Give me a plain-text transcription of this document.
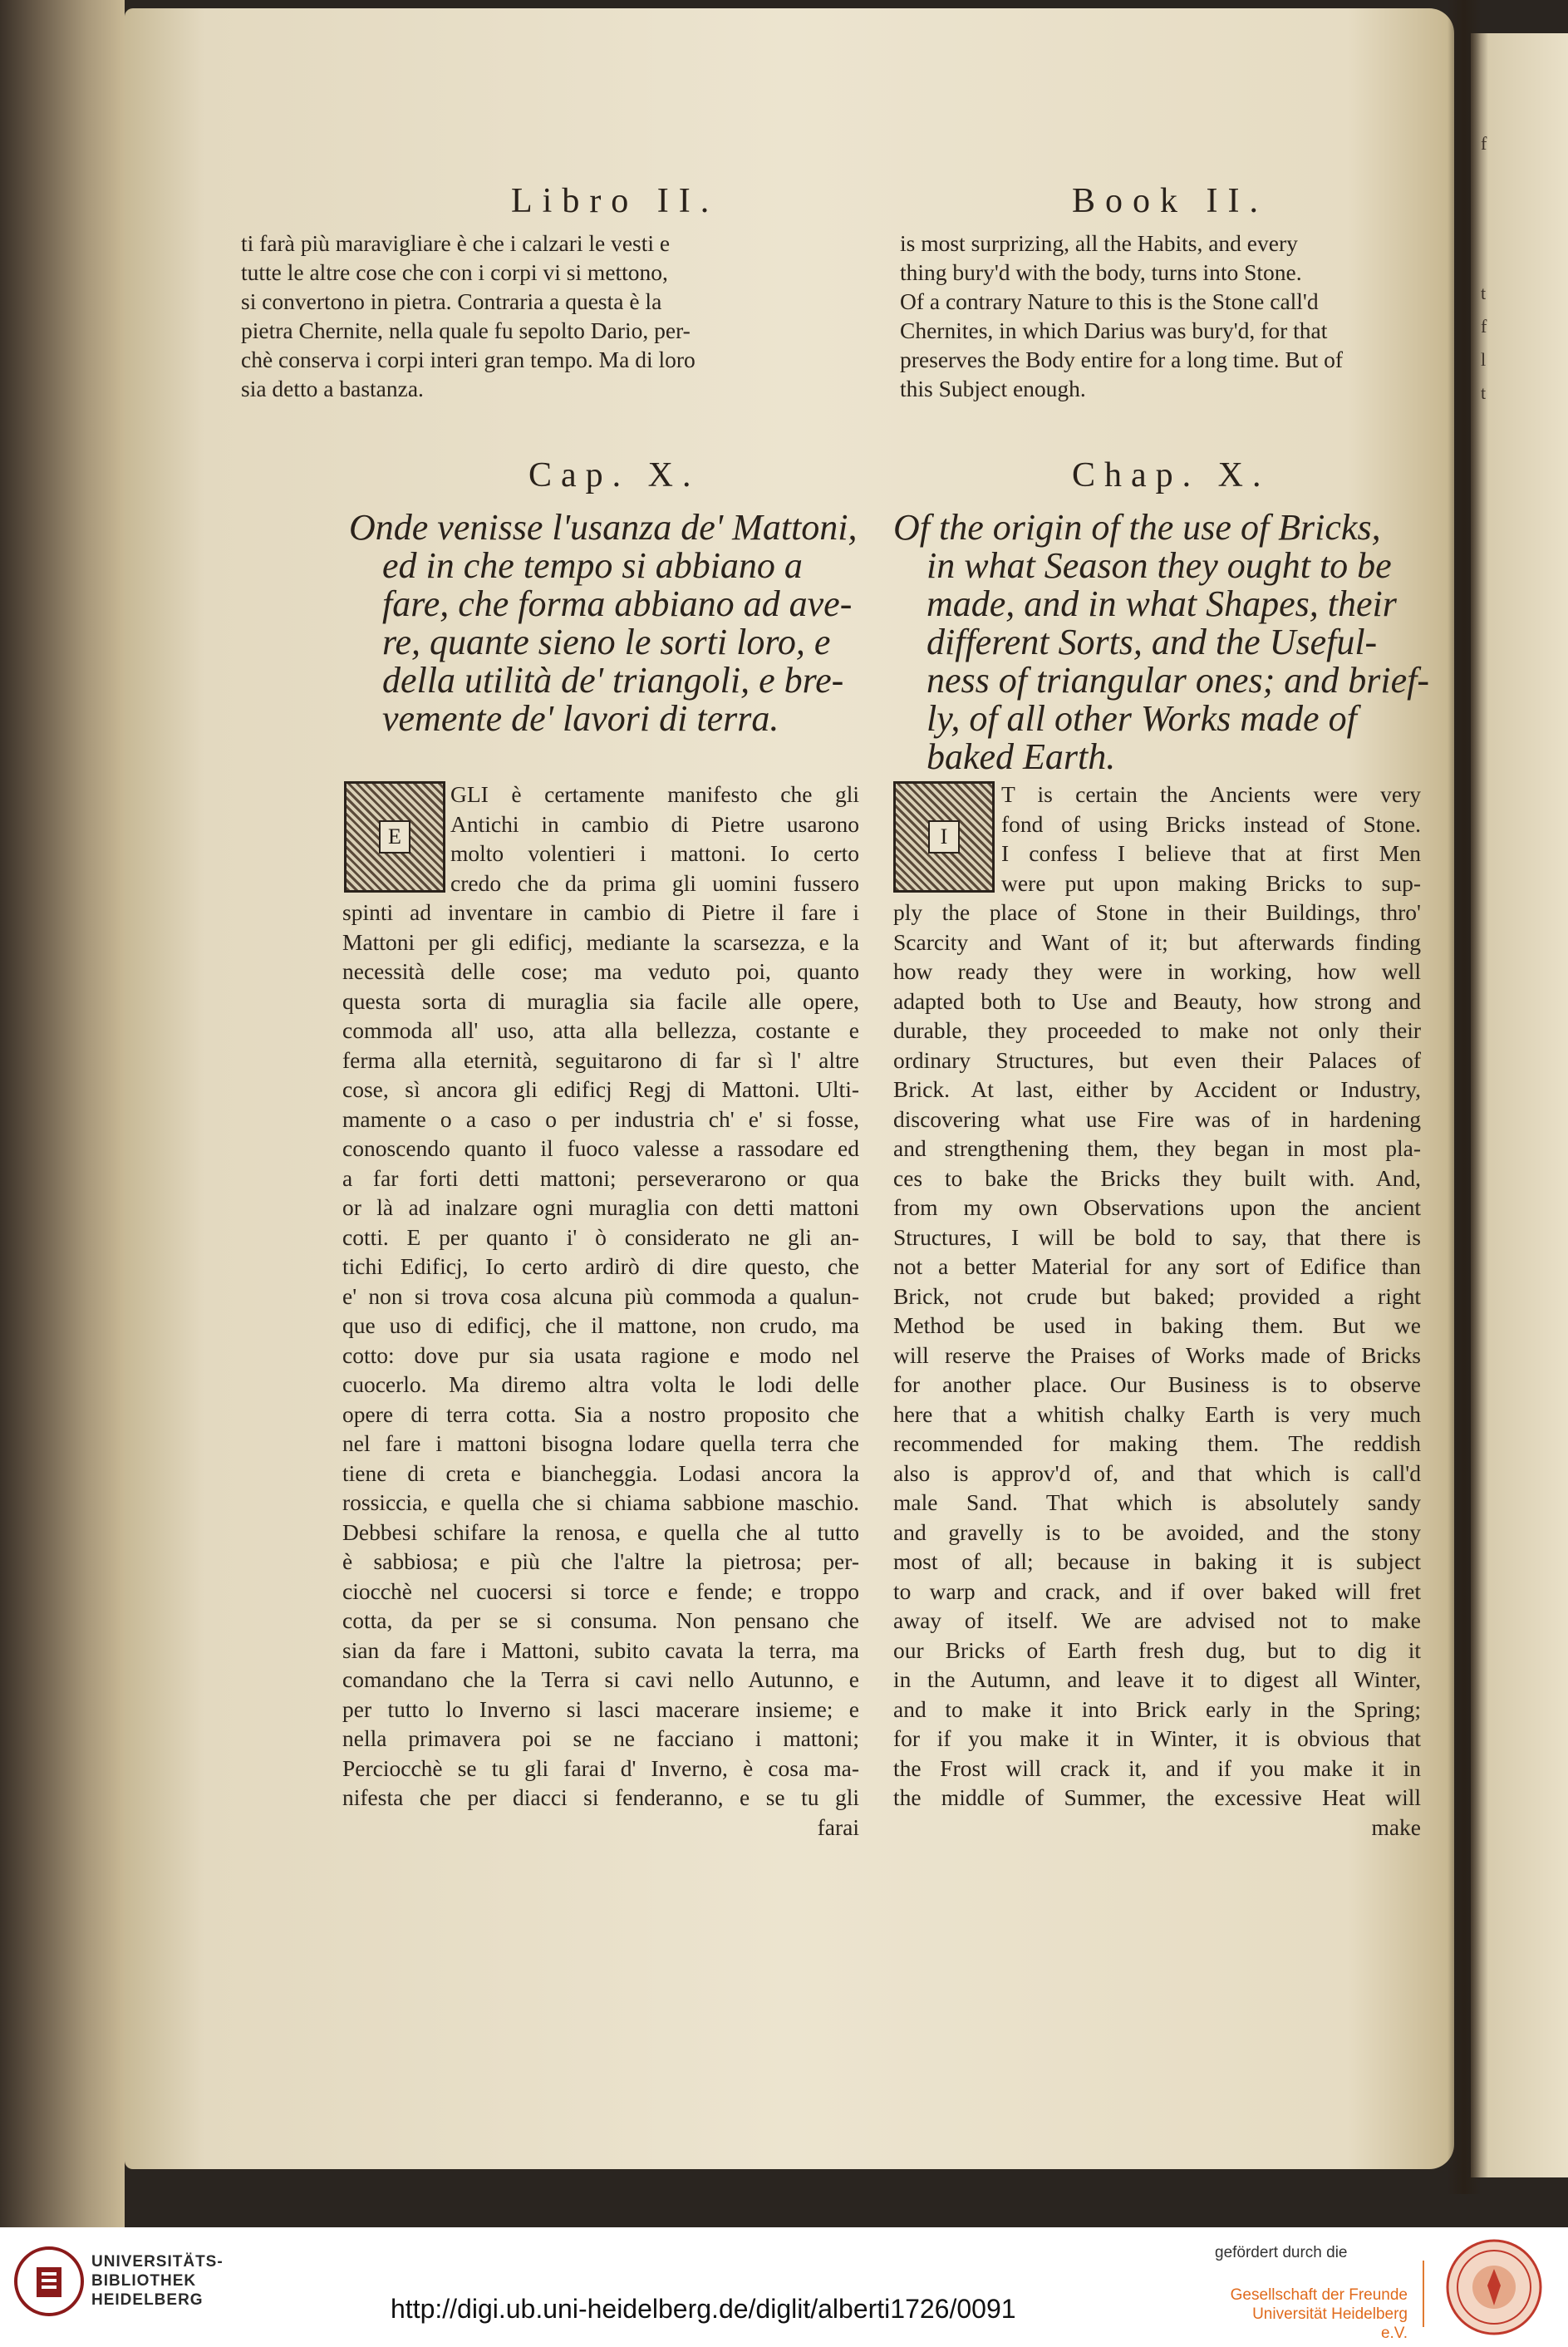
f
t
f
l
t
Libro II.	Book II.
ti farà più maravigliare è che i calzari le vesti e
tutte le altre cose che con i corpi vi si mettono,
si convertono in pietra. Contraria a questa è la
pietra Chernite, nella quale fu sepolto Dario, per-
chè conserva i corpi interi gran tempo. Ma di loro
sia detto a bastanza.
is most surprizing, all the Habits, and every
thing bury'd with the body, turns into Stone.
Of a contrary Nature to this is the Stone call'd
Chernites, in which Darius was bury'd, for that
preserves the Body entire for a long time. But of
this Subject enough.
Cap. X.	Chap. X.
Onde venisse l'usanza de' Mattoni,
ed in che tempo si abbiano a
fare, che forma abbiano ad ave-
re, quante sieno le sorti loro, e
della utilità de' triangoli, e bre-
vemente de' lavori di terra.
Of the origin of the use of Bricks,
in what Season they ought to be
made, and in what Shapes, their
different Sorts, and the Useful-
ness of triangular ones; and brief-
ly, of all other Works made of
baked Earth.
E	I
GLI è certamente manifesto che gli
Antichi in cambio di Pietre usarono
molto volentieri i mattoni. Io certo
credo che da prima gli uomini fussero
spinti ad inventare in cambio di Pietre il fare i
Mattoni per gli edificj, mediante la scarsezza, e la
necessità delle cose; ma veduto poi, quanto
questa sorta di muraglia sia facile alle opere,
commoda all' uso, atta alla bellezza, costante e
ferma alla eternità, seguitarono di far sì l' altre
cose, sì ancora gli edificj Regj di Mattoni. Ulti-
mamente o a caso o per industria ch' e' si fosse,
conoscendo quanto il fuoco valesse a rassodare ed
a far forti detti mattoni; perseverarono or qua
or là ad inalzare ogni muraglia con detti mattoni
cotti. E per quanto i' ò considerato ne gli an-
tichi Edificj, Io certo ardirò di dire questo, che
e' non si trova cosa alcuna più commoda a qualun-
que uso di edificj, che il mattone, non crudo, ma
cotto: dove pur sia usata ragione e modo nel
cuocerlo. Ma diremo altra volta le lodi delle
opere di terra cotta. Sia a nostro proposito che
nel fare i mattoni bisogna lodare quella terra che
tiene di creta e biancheggia. Lodasi ancora la
rossiccia, e quella che si chiama sabbione maschio.
Debbesi schifare la renosa, e quella che al tutto
è sabbiosa; e più che l'altre la pietrosa; per-
ciocchè nel cuocersi si torce e fende; e troppo
cotta, da per se si consuma. Non pensano che
sian da fare i Mattoni, subito cavata la terra, ma
comandano che la Terra si cavi nello Autunno, e
per tutto lo Inverno si lasci macerare insieme; e
nella primavera poi se ne facciano i mattoni;
Perciocchè se tu gli farai d' Inverno, è cosa ma-
nifesta che per diacci si fenderanno, e se tu gli
farai
T is certain the Ancients were very
fond of using Bricks instead of Stone.
I confess I believe that at first Men
were put upon making Bricks to sup-
ply the place of Stone in their Buildings, thro'
Scarcity and Want of it; but afterwards finding
how ready they were in working, how well
adapted both to Use and Beauty, how strong and
durable, they proceeded to make not only their
ordinary Structures, but even their Palaces of
Brick. At last, either by Accident or Industry,
discovering what use Fire was of in hardening
and strengthening them, they began in most pla-
ces to bake the Bricks they built with. And,
from my own Observations upon the ancient
Structures, I will be bold to say, that there is
not a better Material for any sort of Edifice than
Brick, not crude but baked; provided a right
Method be used in baking them. But we
will reserve the Praises of Works made of Bricks
for another place. Our Business is to observe
here that a whitish chalky Earth is very much
recommended for making them. The reddish
also is approv'd of, and that which is call'd
male Sand. That which is absolutely sandy
and gravelly is to be avoided, and the stony
most of all; because in baking it is subject
to warp and crack, and if over baked will fret
away of itself. We are advised not to make
our Bricks of Earth fresh dug, but to dig it
in the Autumn, and leave it to digest all Winter,
and to make it into Brick early in the Spring;
for if you make it in Winter, it is obvious that
the Frost will crack it, and if you make it in
the middle of Summer, the excessive Heat will
make
UNIVERSITÄTS-
BIBLIOTHEK
HEIDELBERG	http://digi.ub.uni-heidelberg.de/diglit/alberti1726/0091
gefördert durch die
Gesellschaft der Freunde
Universität Heidelberg e.V.
